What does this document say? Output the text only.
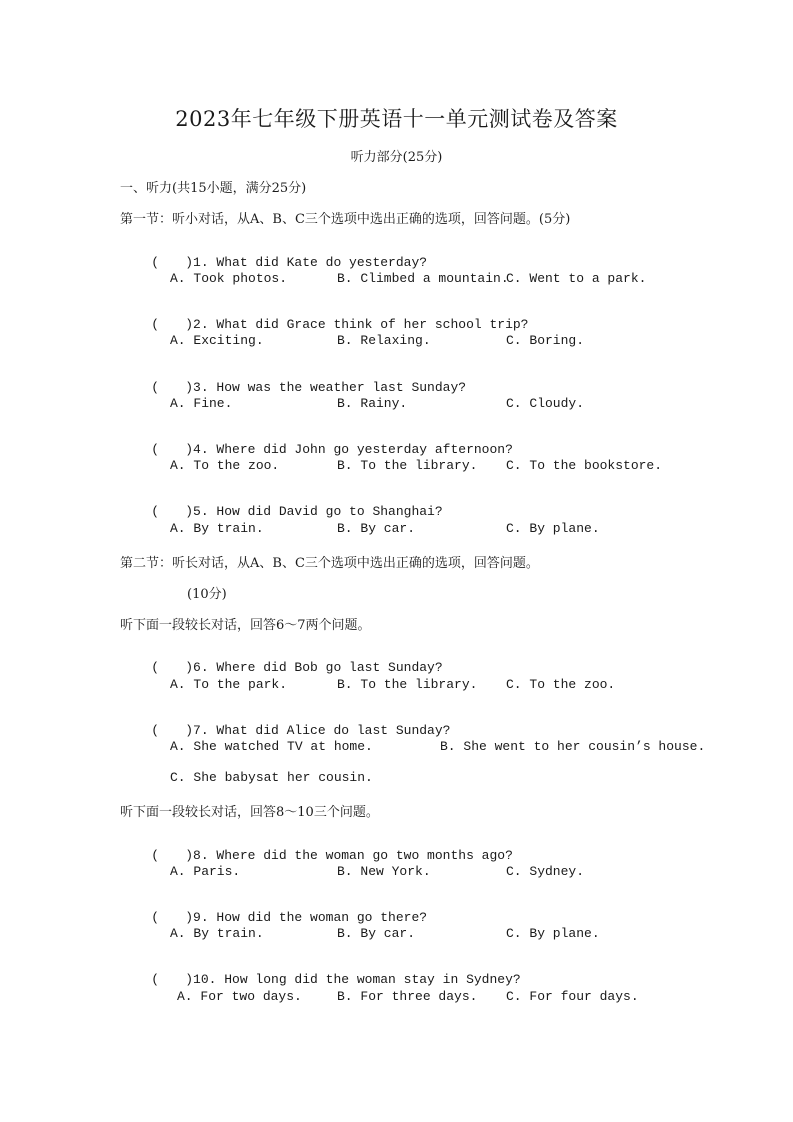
2023年七年级下册英语十一单元测试卷及答案
听力部分(25分)
一、听力(共15小题，满分25分)
第一节：听小对话，从A、B、C三个选项中选出正确的选项，回答问题。(5分)

( )1. What did Kate do yesterday?

A. Took photos.	B. Climbed a mountain.
C. Went to a park.

( )2. What did Grace think of her school trip?

A. Exciting.	B. Relaxing.	C. Boring.

( )3. How was the weather last Sunday?

A. Fine.	B. Rainy.	C. Cloudy.

( )4. Where did John go yesterday afternoon?

A. To the zoo.	B. To the library. C. To the bookstore.

( )5. How did David go to Shanghai?

A. By train.	B. By car.	C. By plane.
第二节：听长对话，从A、B、C三个选项中选出正确的选项，回答问题。
(10分)
听下面一段较长对话，回答6～7两个问题。

( )6. Where did Bob go last Sunday?

A. To the park.	B. To the library. C. To the zoo.

( )7. What did Alice do last Sunday?

A. She watched TV at home.	B. She went to her cousin’s house.
C. She babysat her cousin.
听下面一段较长对话，回答8～10三个问题。

( )8. Where did the woman go two months ago?

A. Paris.	B. New York.	C. Sydney.

( )9. How did the woman go there?

A. By train.	B. By car.	C. By plane.

( )10. How long did the woman stay in Sydney?

A. For two days.	B. For three days. C. For four days.
